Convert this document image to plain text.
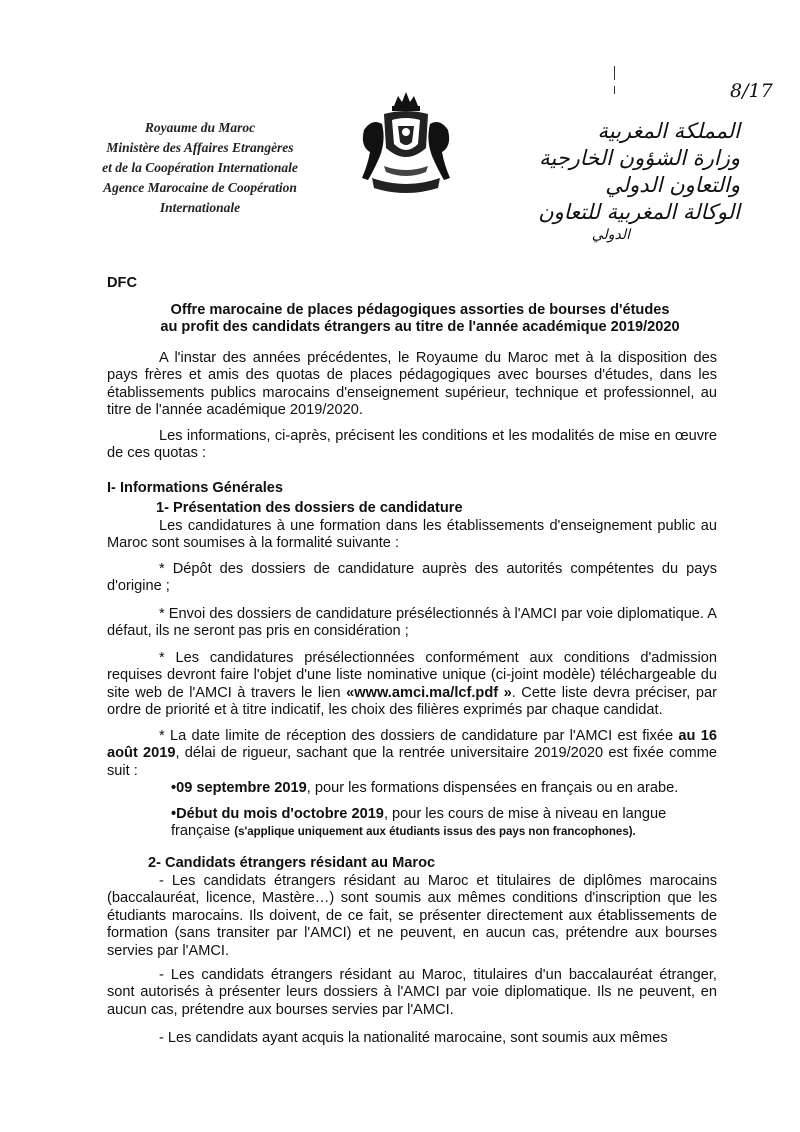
Royaume du Maroc
Ministère des Affaires Etrangères
et de la Coopération Internationale
Agence Marocaine de Coopération
Internationale
المملكة المغربية
وزارة الشؤون الخارجية
والتعاون الدولي
الوكالة المغربية للتعاون
الدولي
8/17
DFC
Offre marocaine de places pédagogiques assorties de bourses d'études
au profit des candidats étrangers au titre de l'année académique 2019/2020
A l'instar des années précédentes, le Royaume du Maroc met à la disposition des pays frères et amis des quotas de places pédagogiques avec bourses d'études, dans les établissements publics marocains d'enseignement supérieur, technique et professionnel, au titre de l'année académique 2019/2020.
Les informations, ci-après, précisent les conditions et les modalités de mise en œuvre de ces quotas :
I- Informations Générales
1- Présentation des dossiers de candidature
Les candidatures à une formation dans les établissements d'enseignement public au Maroc sont soumises à la formalité suivante :
* Dépôt des dossiers de candidature auprès des autorités compétentes du pays d'origine ;
* Envoi des dossiers de candidature présélectionnés à l'AMCI par voie diplomatique. A défaut, ils ne seront pas pris en considération ;
* Les candidatures présélectionnées conformément aux conditions d'admission requises devront faire l'objet d'une liste nominative unique (ci-joint modèle) téléchargeable du site web de l'AMCI à travers le lien «www.amci.ma/lcf.pdf ». Cette liste devra préciser, par ordre de priorité et à titre indicatif, les choix des filières exprimés par chaque candidat.
* La date limite de réception des dossiers de candidature par l'AMCI est fixée au 16 août 2019, délai de rigueur, sachant que la rentrée universitaire 2019/2020 est fixée comme suit :
•09 septembre 2019, pour les formations dispensées en français ou en arabe.
•Début du mois d'octobre 2019, pour les cours de mise à niveau en langue française (s'applique uniquement aux étudiants issus des pays non francophones).
2- Candidats étrangers résidant au Maroc
- Les candidats étrangers résidant au Maroc et titulaires de diplômes marocains (baccalauréat, licence, Mastère…) sont soumis aux mêmes conditions d'inscription que les étudiants marocains. Ils doivent, de ce fait, se présenter directement aux établissements de formation (sans transiter par l'AMCI) et ne peuvent, en aucun cas, prétendre aux bourses servies par l'AMCI.
- Les candidats étrangers résidant au Maroc, titulaires d'un baccalauréat étranger, sont autorisés à présenter leurs dossiers à l'AMCI par voie diplomatique. Ils ne peuvent, en aucun cas, prétendre aux bourses servies par l'AMCI.
- Les candidats ayant acquis la nationalité marocaine, sont soumis aux mêmes
